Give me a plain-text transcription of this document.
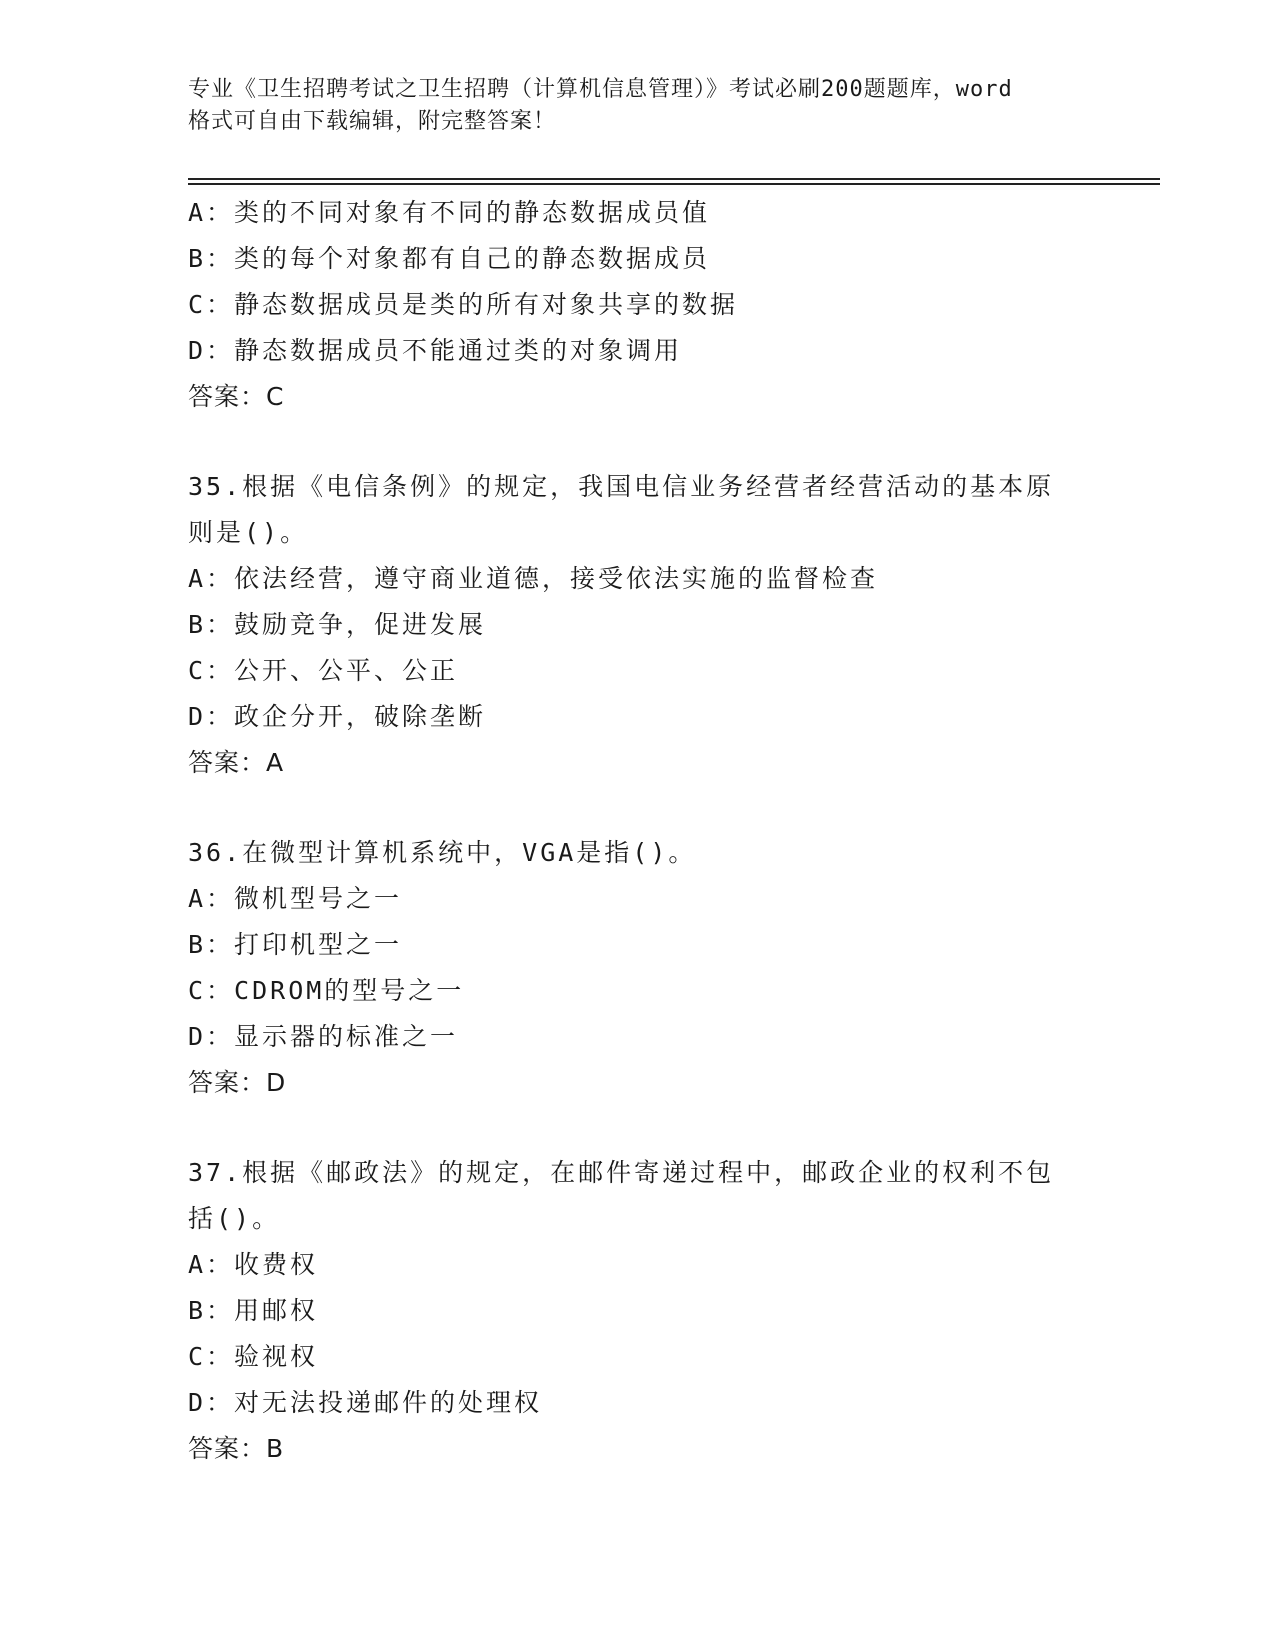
专业《卫生招聘考试之卫生招聘（计算机信息管理）》考试必刷200题题库，word
格式可自由下载编辑，附完整答案！
A：类的不同对象有不同的静态数据成员值
B：类的每个对象都有自己的静态数据成员
C：静态数据成员是类的所有对象共享的数据
D：静态数据成员不能通过类的对象调用
答案：C
35.根据《电信条例》的规定，我国电信业务经营者经营活动的基本原
则是()。
A：依法经营，遵守商业道德，接受依法实施的监督检查
B：鼓励竞争，促进发展
C：公开、公平、公正
D：政企分开，破除垄断
答案：A
36.在微型计算机系统中，VGA是指()。
A：微机型号之一
B：打印机型之一
C：CDROM的型号之一
D：显示器的标准之一
答案：D
37.根据《邮政法》的规定，在邮件寄递过程中，邮政企业的权利不包
括()。
A：收费权
B：用邮权
C：验视权
D：对无法投递邮件的处理权
答案：B
